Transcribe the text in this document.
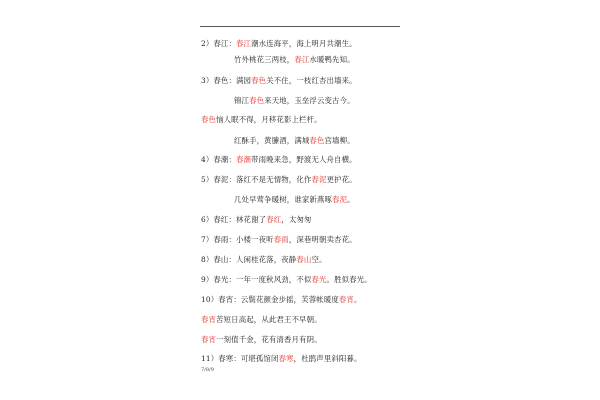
2）春江：春江潮水连海平，海上明月共潮生。
竹外桃花三两枝，春江水暖鸭先知。
3）春色：满园春色关不住，一枝红杏出墙来。
锦江春色来天地，玉垒浮云变古今。
春色恼人眠不得，月移花影上栏杆。
红酥手，黄縢酒，满城春色宫墙柳。
4）春潮：春潮带雨晚来急，野渡无人舟自横。
5）春泥：落红不是无情物，化作春泥更护花。
几处早莺争暖树，谁家新燕啄春泥。
6）春红：林花谢了春红，太匆匆
7）春雨：小楼一夜听春雨，深巷明朝卖杏花。
8）春山：人闲桂花落，夜静春山空。
9）春光：一年一度秋风劲，不似春光。胜似春光。
10）春宵：云鬓花颜金步摇，芙蓉帐暖度春宵。
春宵苦短日高起，从此君王不早朝。
春宵一刻值千金，花有清香月有阴。
11）春寒：可堪孤馆闭春寒，杜鹃声里斜阳暮。
7/8/9
